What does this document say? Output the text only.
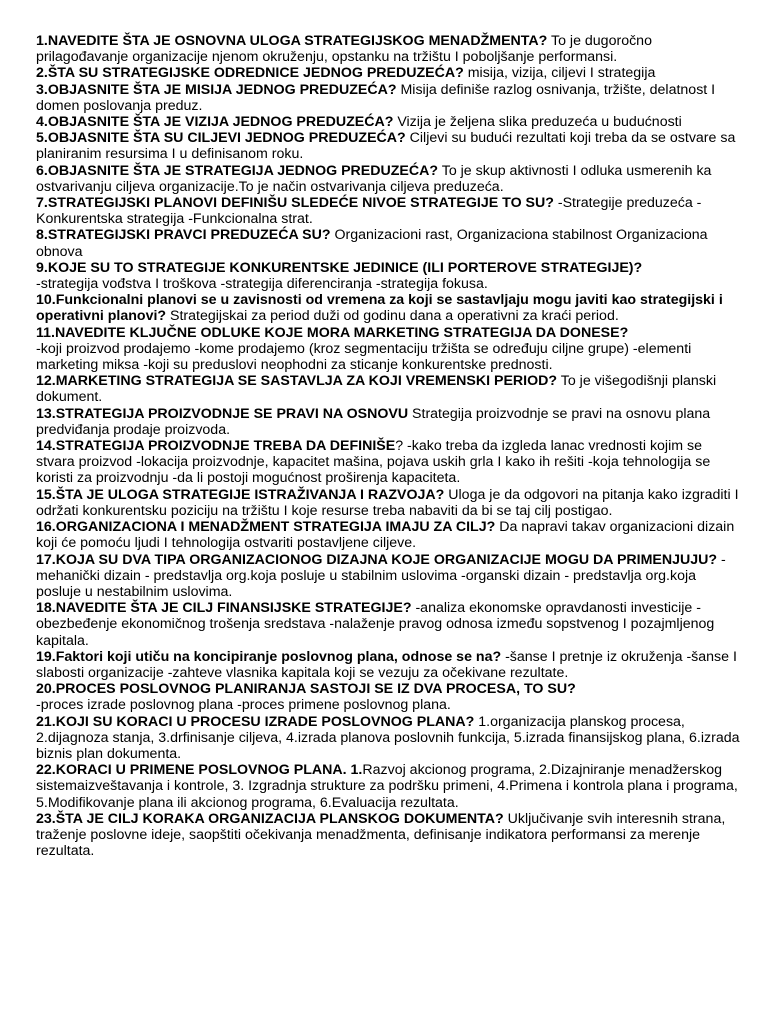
1.NAVEDITE ŠTA JE OSNOVNA ULOGA STRATEGIJSKOG MENADŽMENTA? To je dugoročno prilagođavanje organizacije njenom okruženju, opstanku na tržištu I poboljšanje performansi.

2.ŠTA SU STRATEGIJSKE ODREDNICE JEDNOG PREDUZEĆA? misija, vizija, ciljevi I strategija

3.OBJASNITE ŠTA JE MISIJA JEDNOG PREDUZEĆA? Misija definiše razlog osnivanja, tržište, delatnost I domen poslovanja preduz.

4.OBJASNITE ŠTA JE VIZIJA JEDNOG PREDUZEĆA? Vizija je željena slika preduzeća u budućnosti

5.OBJASNITE ŠTA SU CILJEVI JEDNOG PREDUZEĆA? Ciljevi su budući rezultati koji treba da se ostvare sa planiranim resursima I u definisanom roku.

6.OBJASNITE ŠTA JE STRATEGIJA JEDNOG PREDUZEĆA? To je skup aktivnosti I odluka usmerenih ka ostvarivanju ciljeva organizacije.To je način ostvarivanja ciljeva preduzeća.

7.STRATEGIJSKI PLANOVI DEFINIŠU SLEDEĆE NIVOE STRATEGIJE TO SU? -Strategije preduzeća -Konkurentska strategija -Funkcionalna strat.

8.STRATEGIJSKI PRAVCI PREDUZEĆA SU? Organizacioni rast, Organizaciona stabilnost Organizaciona obnova

9.KOJE SU TO STRATEGIJE KONKURENTSKE JEDINICE (ILI PORTEROVE STRATEGIJE)?
-strategija vođstva I troškova -strategija diferenciranja -strategija fokusa.

10.Funkcionalni planovi se u zavisnosti od vremena za koji se sastavljaju mogu javiti kao strategijski i operativni planovi? Strategijskai za period duži od godinu dana a operativni za kraći period.

11.NAVEDITE KLJUČNE ODLUKE KOJE MORA MARKETING STRATEGIJA DA DONESE?
-koji proizvod prodajemo -kome prodajemo (kroz segmentaciju tržišta se određuju ciljne grupe) -elementi marketing miksa -koji su preduslovi neophodni za sticanje konkurentske prednosti.

12.MARKETING STRATEGIJA SE SASTAVLJA ZA KOJI VREMENSKI PERIOD? To je višegodišnji planski dokument.

13.STRATEGIJA PROIZVODNJE SE PRAVI NA OSNOVU Strategija proizvodnje se pravi na osnovu plana predviđanja prodaje proizvoda.

14.STRATEGIJA PROIZVODNJE TREBA DA DEFINIŠE? -kako treba da izgleda lanac vrednosti kojim se stvara proizvod -lokacija proizvodnje, kapacitet mašina, pojava uskih grla I kako ih rešiti -koja tehnologija se koristi za proizvodnju -da li postoji mogućnost proširenja kapaciteta.

15.ŠTA JE ULOGA STRATEGIJE ISTRAŽIVANJA I RAZVOJA? Uloga je da odgovori na pitanja kako izgraditi I održati konkurentsku poziciju na tržištu I koje resurse treba nabaviti da bi se taj cilj postigao.

16.ORGANIZACIONA I MENADŽMENT STRATEGIJA IMAJU ZA CILJ? Da napravi takav organizacioni dizain koji će pomoću ljudi I tehnologija ostvariti postavljene ciljeve.

17.KOJA SU DVA TIPA ORGANIZACIONOG DIZAJNA KOJE ORGANIZACIJE MOGU DA PRIMENJUJU? -mehanički dizain - predstavlja org.koja posluje u stabilnim uslovima -organski dizain - predstavlja org.koja posluje u nestabilnim uslovima.

18.NAVEDITE ŠTA JE CILJ FINANSIJSKE STRATEGIJE? -analiza ekonomske opravdanosti investicije -obezbeđenje ekonomičnog trošenja sredstava -nalaženje pravog odnosa između sopstvenog I pozajmljenog kapitala.

19.Faktori koji utiču na koncipiranje poslovnog plana, odnose se na? -šanse I pretnje iz okruženja -šanse I slabosti organizacije -zahteve vlasnika kapitala koji se vezuju za očekivane rezultate.

20.PROCES POSLOVNOG PLANIRANJA SASTOJI SE IZ DVA PROCESA, TO SU?
-proces izrade poslovnog plana -proces primene poslovnog plana.

21.KOJI SU KORACI U PROCESU IZRADE POSLOVNOG PLANA? 1.organizacija planskog procesa, 2.dijagnoza stanja, 3.drfinisanje ciljeva, 4.izrada planova poslovnih funkcija, 5.izrada finansijskog plana, 6.izrada biznis plan dokumenta.

22.KORACI U PRIMENE POSLOVNOG PLANA. 1.Razvoj akcionog programa, 2.Dizajniranje menadžerskog sistemaizveštavanja i kontrole, 3. Izgradnja strukture za podršku primeni, 4.Primena i kontrola plana i programa, 5.Modifikovanje plana ili akcionog programa, 6.Evaluacija rezultata.

23.ŠTA JE CILJ KORAKA ORGANIZACIJA PLANSKOG DOKUMENTA? Uključivanje svih interesnih strana, traženje poslovne ideje, saopštiti očekivanja menadžmenta, definisanje indikatora performansi za merenje rezultata.
